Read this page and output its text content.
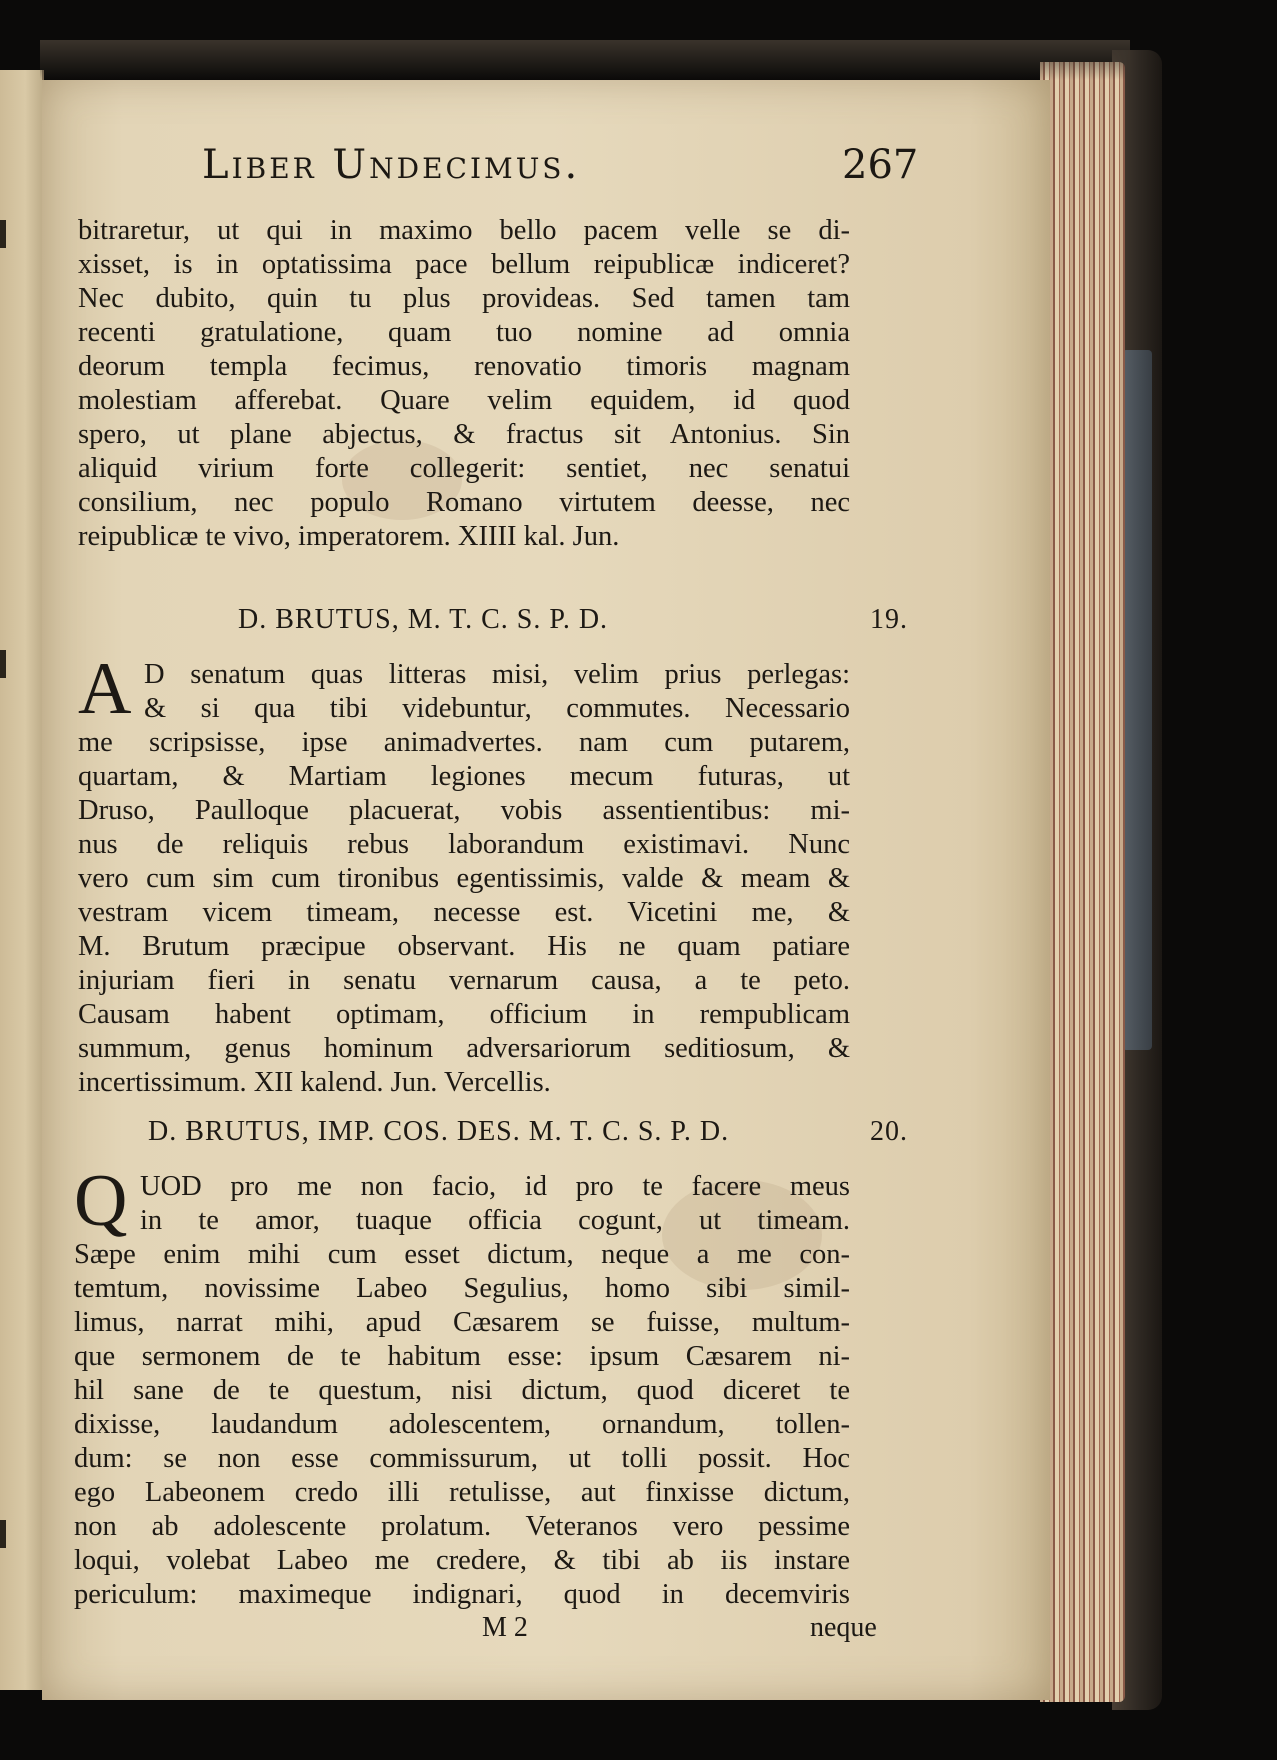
Liber Undecimus.	267
bitraretur, ut qui in maximo bello pacem velle se di-
xisset, is in optatissima pace bellum reipublicæ indiceret?
Nec dubito, quin tu plus provideas. Sed tamen tam
recenti gratulatione, quam tuo nomine ad omnia
deorum templa fecimus, renovatio timoris magnam
molestiam afferebat. Quare velim equidem, id quod
spero, ut plane abjectus, & fractus sit Antonius. Sin
aliquid virium forte collegerit: sentiet, nec senatui
consilium, nec populo Romano virtutem deesse, nec
reipublicæ te vivo, imperatorem. XIIII kal. Jun.
D. BRUTUS, M. T. C. S. P. D.	19.
A D senatum quas litteras misi, velim prius perlegas:
& si qua tibi videbuntur, commutes. Necessario
me scripsisse, ipse animadvertes. nam cum putarem,
quartam, & Martiam legiones mecum futuras, ut
Druso, Paulloque placuerat, vobis assentientibus: mi-
nus de reliquis rebus laborandum existimavi. Nunc
vero cum sim cum tironibus egentissimis, valde & meam &
vestram vicem timeam, necesse est. Vicetini me, &
M. Brutum præcipue observant. His ne quam patiare
injuriam fieri in senatu vernarum causa, a te peto.
Causam habent optimam, officium in rempublicam
summum, genus hominum adversariorum seditiosum, &
incertissimum. XII kalend. Jun. Vercellis.
D. BRUTUS, IMP. COS. DES. M. T. C. S. P. D.	20.
Q UOD pro me non facio, id pro te facere meus
in te amor, tuaque officia cogunt, ut timeam.
Sæpe enim mihi cum esset dictum, neque a me con-
temtum, novissime Labeo Segulius, homo sibi simil-
limus, narrat mihi, apud Cæsarem se fuisse, multum-
que sermonem de te habitum esse: ipsum Cæsarem ni-
hil sane de te questum, nisi dictum, quod diceret te
dixisse, laudandum adolescentem, ornandum, tollen-
dum: se non esse commissurum, ut tolli possit. Hoc
ego Labeonem credo illi retulisse, aut finxisse dictum,
non ab adolescente prolatum. Veteranos vero pessime
loqui, volebat Labeo me credere, & tibi ab iis instare
periculum: maximeque indignari, quod in decemviris
M 2	neque
